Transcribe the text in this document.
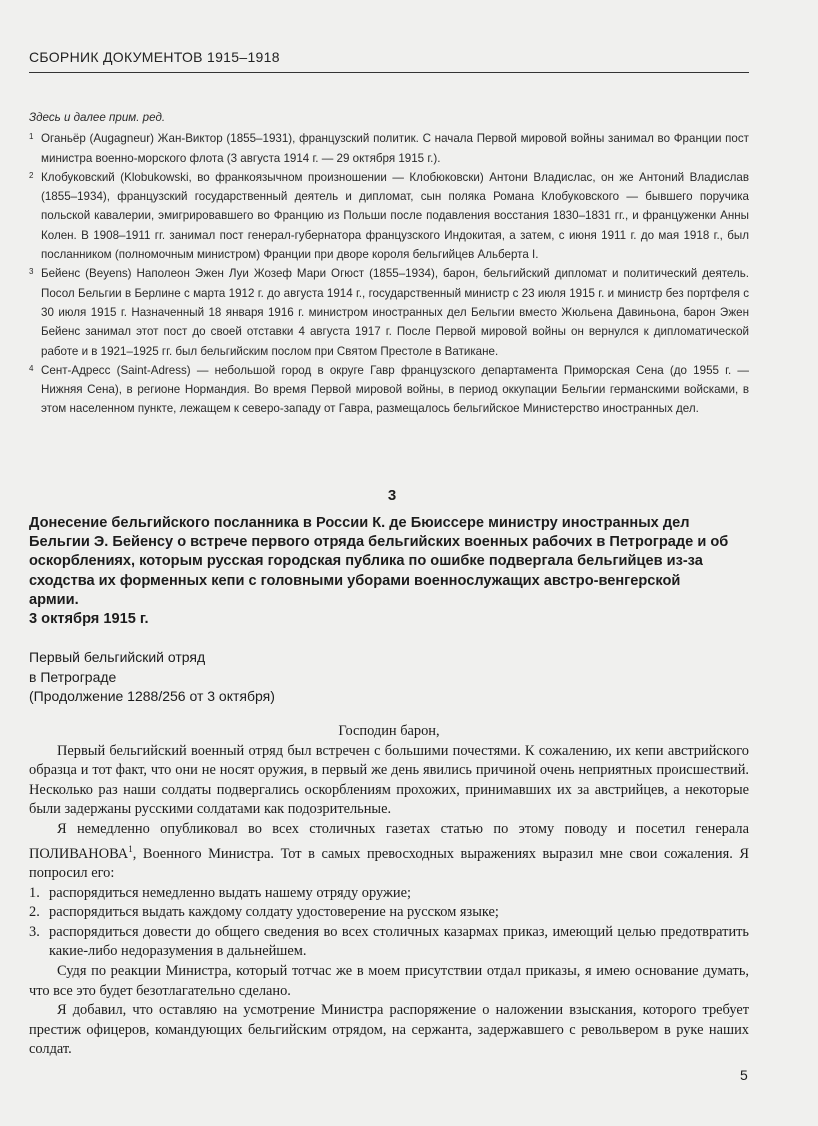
СБОРНИК ДОКУМЕНТОВ 1915–1918
Здесь и далее прим. ред.
1 Оганьёр (Augagneur) Жан-Виктор (1855–1931), французский политик. С начала Первой мировой войны занимал во Франции пост министра военно-морского флота (3 августа 1914 г. — 29 октября 1915 г.).
2 Клобуковский (Klobukowski, во франкоязычном произношении — Клобюковски) Антони Владислас, он же Антоний Владислав (1855–1934), французский государственный деятель и дипломат, сын поляка Романа Клобуковского — бывшего поручика польской кавалерии, эмигрировавшего во Францию из Польши после подавления восстания 1830–1831 гг., и француженки Анны Колен. В 1908–1911 гг. занимал пост генерал-губернатора французского Индокитая, а затем, с июня 1911 г. до мая 1918 г., был посланником (полномочным министром) Франции при дворе короля бельгийцев Альберта I.
3 Бейенс (Beyens) Наполеон Эжен Луи Жозеф Мари Огюст (1855–1934), барон, бельгийский дипломат и политический деятель. Посол Бельгии в Берлине с марта 1912 г. до августа 1914 г., государственный министр с 23 июля 1915 г. и министр без портфеля с 30 июля 1915 г. Назначенный 18 января 1916 г. министром иностранных дел Бельгии вместо Жюльена Давиньона, барон Эжен Бейенс занимал этот пост до своей отставки 4 августа 1917 г. После Первой мировой войны он вернулся к дипломатической работе и в 1921–1925 гг. был бельгийским послом при Святом Престоле в Ватикане.
4 Сент-Адресс (Saint-Adress) — небольшой город в округе Гавр французского департамента Приморская Сена (до 1955 г. — Нижняя Сена), в регионе Нормандия. Во время Первой мировой войны, в период оккупации Бельгии германскими войсками, в этом населенном пункте, лежащем к северо-западу от Гавра, размещалось бельгийское Министерство иностранных дел.
3
Донесение бельгийского посланника в России К. де Бюиссере министру иностранных дел Бельгии Э. Бейенсу о встрече первого отряда бельгийских военных рабочих в Петрограде и об оскорблениях, которым русская городская публика по ошибке подвергала бельгийцев из-за сходства их форменных кепи с головными уборами военнослужащих австро-венгерской армии.
3 октября 1915 г.
Первый бельгийский отряд
в Петрограде
(Продолжение 1288/256 от 3 октября)
Господин барон,

Первый бельгийский военный отряд был встречен с большими почестями. К сожалению, их кепи австрийского образца и тот факт, что они не носят оружия, в первый же день явились причиной очень неприятных происшествий. Несколько раз наши солдаты подвергались оскорблениям прохожих, принимавших их за австрийцев, а некоторые были задержаны русскими солдатами как подозрительные.

Я немедленно опубликовал во всех столичных газетах статью по этому поводу и посетил генерала ПОЛИВАНОВА$^1$, Военного Министра. Тот в самых превосходных выражениях выразил мне свои сожаления. Я попросил его:

1. распорядиться немедленно выдать нашему отряду оружие;
2. распорядиться выдать каждому солдату удостоверение на русском языке;
3. распорядиться довести до общего сведения во всех столичных казармах приказ, имеющий целью предотвратить какие-либо недоразумения в дальнейшем.

Судя по реакции Министра, который тотчас же в моем присутствии отдал приказы, я имею основание думать, что все это будет безотлагательно сделано.

Я добавил, что оставляю на усмотрение Министра распоряжение о наложении взыскания, которого требует престиж офицеров, командующих бельгийским отрядом, на сержанта, задержавшего с револьвером в руке наших солдат.

5
